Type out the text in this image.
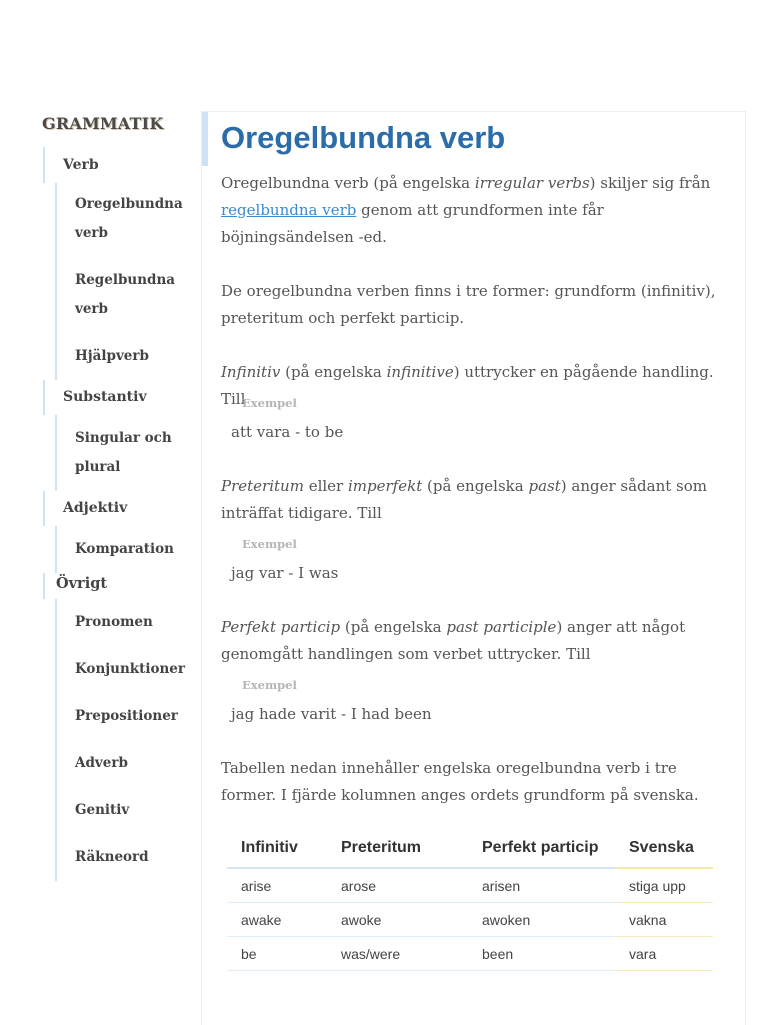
GRAMMATIK
Verb
Oregelbundna verb
Regelbundna verb
Hjälpverb
Substantiv
Singular och plural
Adjektiv
Komparation
Övrigt
Pronomen
Konjunktioner
Prepositioner
Adverb
Genitiv
Räkneord
Oregelbundna verb

Oregelbundna verb (på engelska irregular verbs) skiljer sig från regelbundna verb genom att grundformen inte får böjningsändelsen -ed.

De oregelbundna verben finns i tre former: grundform (infinitiv), preteritum och perfekt particip.

Infinitiv (på engelska infinitive) uttrycker en pågående handling. Till

Exempel
att vara - to be

Preteritum eller imperfekt (på engelska past) anger sådant som inträffat tidigare. Till

Exempel
jag var - I was

Perfekt particip (på engelska past participle) anger att något genomgått handlingen som verbet uttrycker. Till

Exempel
jag hade varit - I had been

Tabellen nedan innehåller engelska oregelbundna verb i tre former. I fjärde kolumnen anges ordets grundform på svenska.

Infinitiv	Preteritum	Perfekt particip	Svenska
arise	arose	arisen	stiga upp
awake	awoke	awoken	vakna
be	was/were	been	vara
